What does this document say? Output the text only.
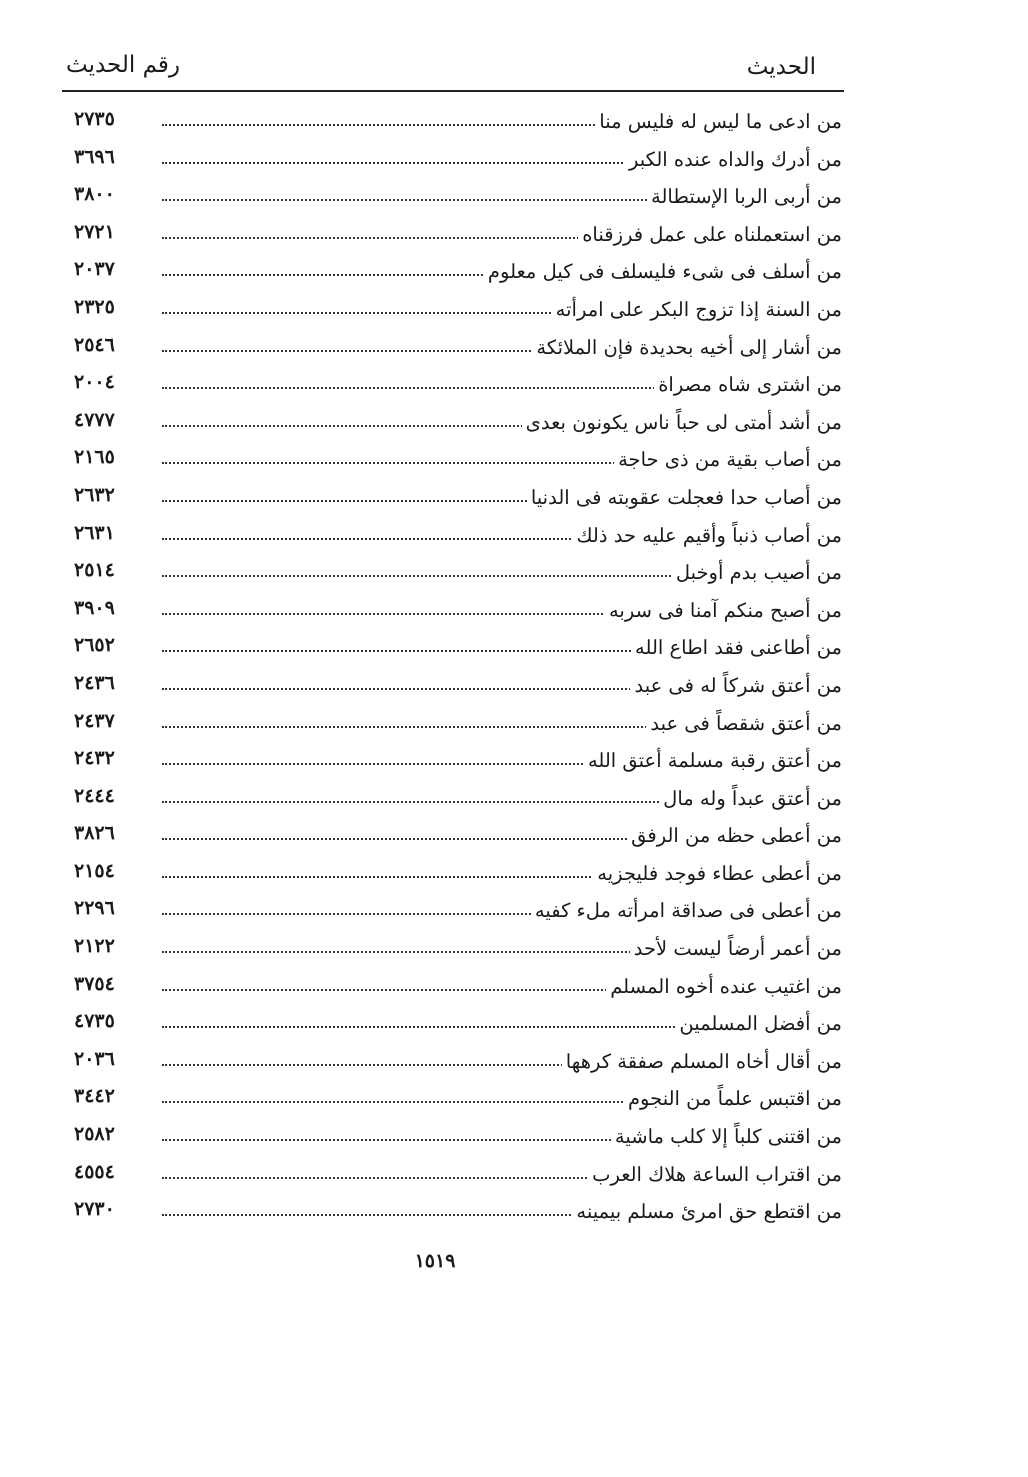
الحديث
رقم الحديث
من ادعى ما ليس له فليس منا
٢٧٣٥
من أدرك والداه عنده الكبر
٣٦٩٦
من أربى الربا الإستطالة
٣٨٠٠
من استعملناه على عمل فرزقناه
٢٧٢١
من أسلف فى شىء فليسلف فى كيل معلوم
٢٠٣٧
من السنة إذا تزوج البكر على امرأته
٢٣٢٥
من أشار إلى أخيه بحديدة فإن الملائكة
٢٥٤٦
من اشترى شاه مصراة
٢٠٠٤
من أشد أمتى لى حباً ناس يكونون بعدى
٤٧٧٧
من أصاب بقية من ذى حاجة
٢١٦٥
من أصاب حدا فعجلت عقوبته فى الدنيا
٢٦٣٢
من أصاب ذنباً وأقيم عليه حد ذلك
٢٦٣١
من أصيب بدم أوخبل
٢٥١٤
من أصبح منكم آمنا فى سربه
٣٩٠٩
من أطاعنى فقد اطاع الله
٢٦٥٢
من أعتق شركاً له فى عبد
٢٤٣٦
من أعتق شقصاً فى عبد
٢٤٣٧
من أعتق رقبة مسلمة أعتق الله
٢٤٣٢
من أعتق عبداً وله مال
٢٤٤٤
من أعطى حظه من الرفق
٣٨٢٦
من أعطى عطاء فوجد فليجزيه
٢١٥٤
من أعطى فى صداقة امرأته ملء كفيه
٢٢٩٦
من أعمر أرضاً ليست لأحد
٢١٢٢
من اغتيب عنده أخوه المسلم
٣٧٥٤
من أفضل المسلمين
٤٧٣٥
من أقال أخاه المسلم صفقة كرهها
٢٠٣٦
من اقتبس علماً من النجوم
٣٤٤٢
من اقتنى كلباً إلا كلب ماشية
٢٥٨٢
من اقتراب الساعة هلاك العرب
٤٥٥٤
من اقتطع حق امرئ مسلم بيمينه
٢٧٣٠
١٥١٩
